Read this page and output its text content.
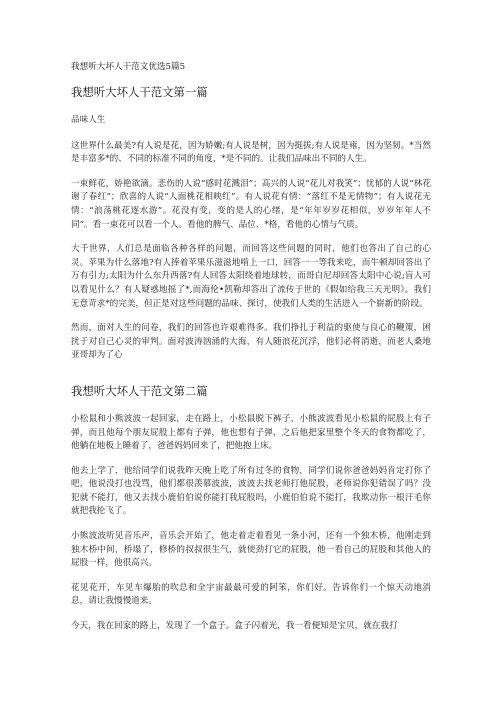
我想听大坏人干范文优选5篇5
我想听大坏人干范文第一篇
品味人生
这世界什么最美?有人说是花，因为娇嫩;有人说是树，因为挺拔;有人说是雍，因为坚韧。*当然是丰富多*的、不同的标准不同的角度，*是不同的。让我们品味出不同的人生。
一束鲜花，娇艳欲滴。悲伤的人说“感时花溅泪”；高兴的人说“花儿对我笑”；忧郁的人说“林花谢了春红”；欣喜的人说“人面桃花相映红”。有人说花有情：“落红不是无情物”；有人说花无情：“浪荡桃花逐水游”。花没有变，变的是人的心绪，是“年年岁岁花相似，岁岁年年人不同”。看一束花可以看一个人。看他的脾气、品位、*格，看他的心情与气质。
大千世界，人们总是面临各种各样的问题，而回答这些问题的同时，他们也答出了自己的心灵。苹果为什么落地?有人捧着苹果乐滋滋地啃上一口，回答一一等我来吃，而牛顿却回答出了万有引力;太阳为什么东升西落?有人回答太阳绕着地球转，而哥白尼却回答太阳中心说;盲人可以看见什么？有人疑惑地摇了*,而海伦•凯勒却答出了流传于世的《假如给我三天光明》。我们无意苛求*的完美，但正是对这些问题的品味、探讨，使我们人类的生活进入一个崭新的阶段。
然而，面对人生的问卷，我们的回答也许艰难得多。我们挣扎于利益的驱使与良心的鞭策，困扰于对自己心灵的审判。面对波涛汹涌的大海，有人随浪花沉浮，他们必将消逝，而老人桑地亚哥却为了心
我想听大坏人干范文第二篇
小松鼠和小熊波波一起回家，走在路上，小松鼠脱下裤子，小熊波波看见小松鼠的屁股上有子弹，而且他每个朋友屁股上都有子弹，他也想有子弹，之后他把家里整个冬天的食物都吃了，他躺在地板上睡着了，爸爸妈妈回来了，把他抱上床。
他去上学了，他给同学们说我昨天晚上吃了所有过冬的食物，同学们说你爸爸妈妈肯定打你了吧，他说没打也没骂，他们都很羡慕波波，波波去找老师打他屁股，老师说你犯错误了吗？没犯就不能打，他又去找小鹿伯伯说你能打我屁股吗，小鹿伯伯说不能打，我欺动你一根汗毛你就把我抡飞了。
小熊波波听见音乐声，音乐会开始了，他走着走着看见一条小河，还有一个独木桥，他刚走到独木桥中间，桥塌了，修桥的叔叔很生气，就使劲打它的屁股，他一看自己的屁股和其他人的屁股一样，他很高兴。
花见花开，车见车爆胎的吹总和全宇宙最最可爱的阿笨，你们好。告诉你们一个惊天动地消息，请让我慢慢道来。
今天，我在回家的路上，发现了一个盒子。盒子闪着光，我一看便知是宝贝，就在我打
